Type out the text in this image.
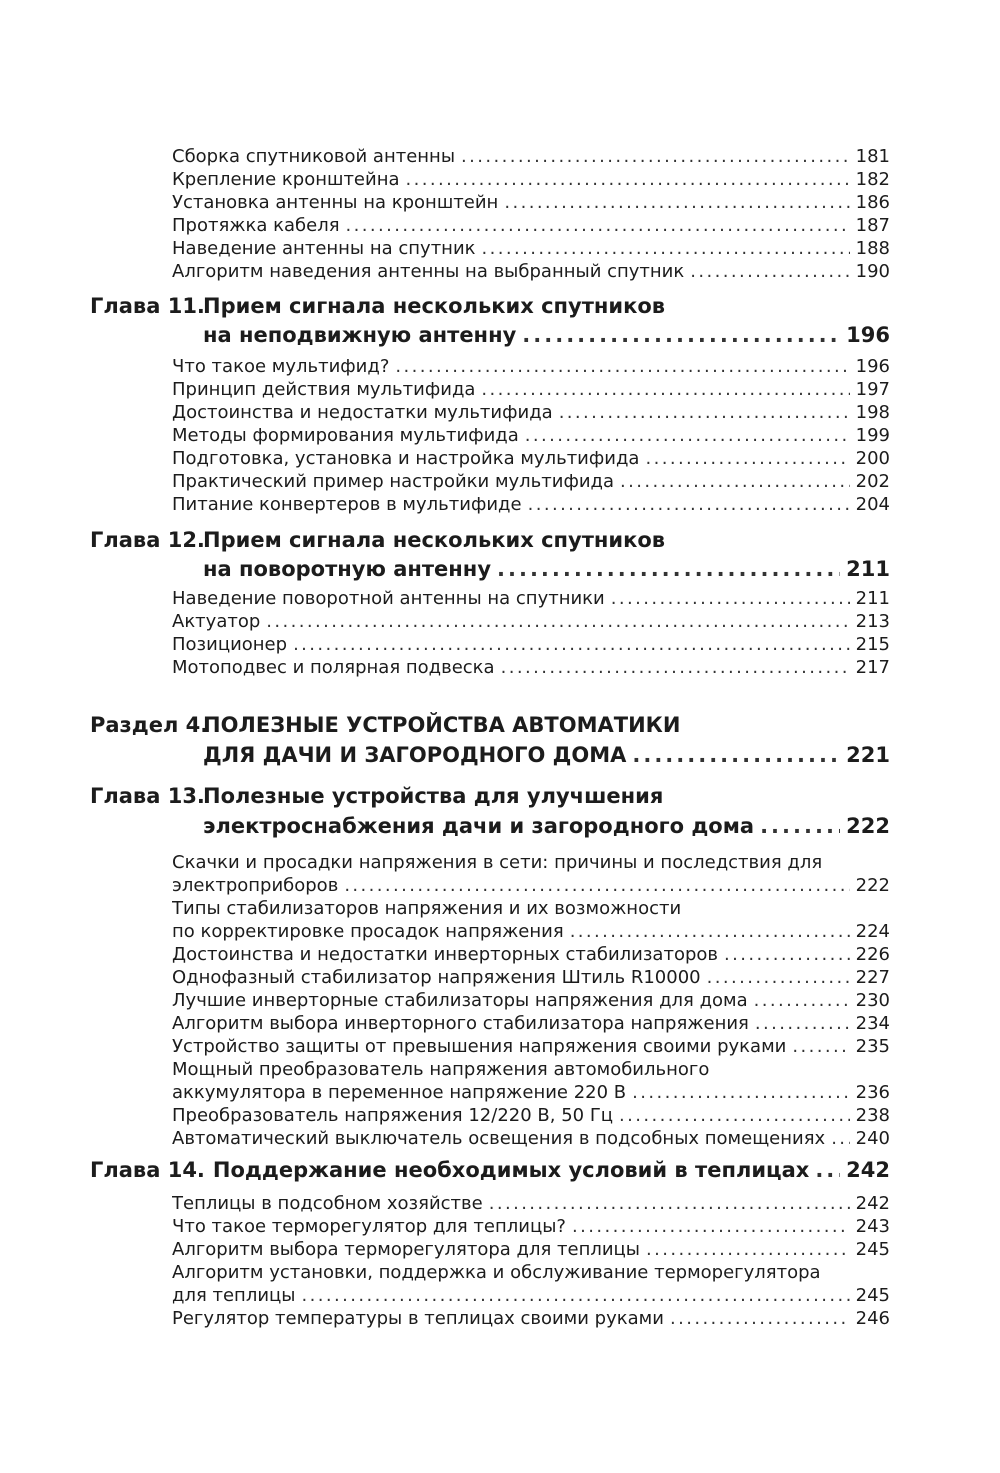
Сборка спутниковой антенны .....	181
Крепление кронштейна .....	182
Установка антенны на кронштейн .....	186
Протяжка кабеля .....	187
Наведение антенны на спутник .....	188
Алгоритм наведения антенны на выбранный спутник .....	190
Глава 11.
Прием сигнала нескольких спутников
на неподвижную антенну .....	196
Что такое мультифид? .....	196
Принцип действия мультифида .....	197
Достоинства и недостатки мультифида .....	198
Методы формирования мультифида .....	199
Подготовка, установка и настройка мультифида .....	200
Практический пример настройки мультифида .....	202
Питание конвертеров в мультифиде .....	204
Глава 12.
Прием сигнала нескольких спутников
на поворотную антенну .....	211
Наведение поворотной антенны на спутники .....	211
Актуатор .....	213
Позиционер .....	215
Мотоподвес и полярная подвеска .....	217
Раздел 4.
ПОЛЕЗНЫЕ УСТРОЙСТВА АВТОМАТИКИ
ДЛЯ ДАЧИ И ЗАГОРОДНОГО ДОМА .....	221
Глава 13.
Полезные устройства для улучшения
электроснабжения дачи и загородного дома .....	222
Скачки и просадки напряжения в сети: причины и последствия для
электроприборов .....	222
Типы стабилизаторов напряжения и их возможности
по корректировке просадок напряжения .....	224
Достоинства и недостатки инверторных стабилизаторов .....	226
Однофазный стабилизатор напряжения Штиль R10000 .....	227
Лучшие инверторные стабилизаторы напряжения для дома .....	230
Алгоритм выбора инверторного стабилизатора напряжения .....	234
Устройство защиты от превышения напряжения своими руками .....	235
Мощный преобразователь напряжения автомобильного
аккумулятора в переменное напряжение 220 В .....	236
Преобразователь напряжения 12/220 В, 50 Гц .....	238
Автоматический выключатель освещения в подсобных помещениях ..... 240
Глава 14. Поддержание необходимых условий в теплицах ..... 242
Теплицы в подсобном хозяйстве .....	242
Что такое терморегулятор для теплицы? .....	243
Алгоритм выбора терморегулятора для теплицы .....	245
Алгоритм установки, поддержка и обслуживание терморегулятора
для теплицы .....	245
Регулятор температуры в теплицах своими руками .....	246
